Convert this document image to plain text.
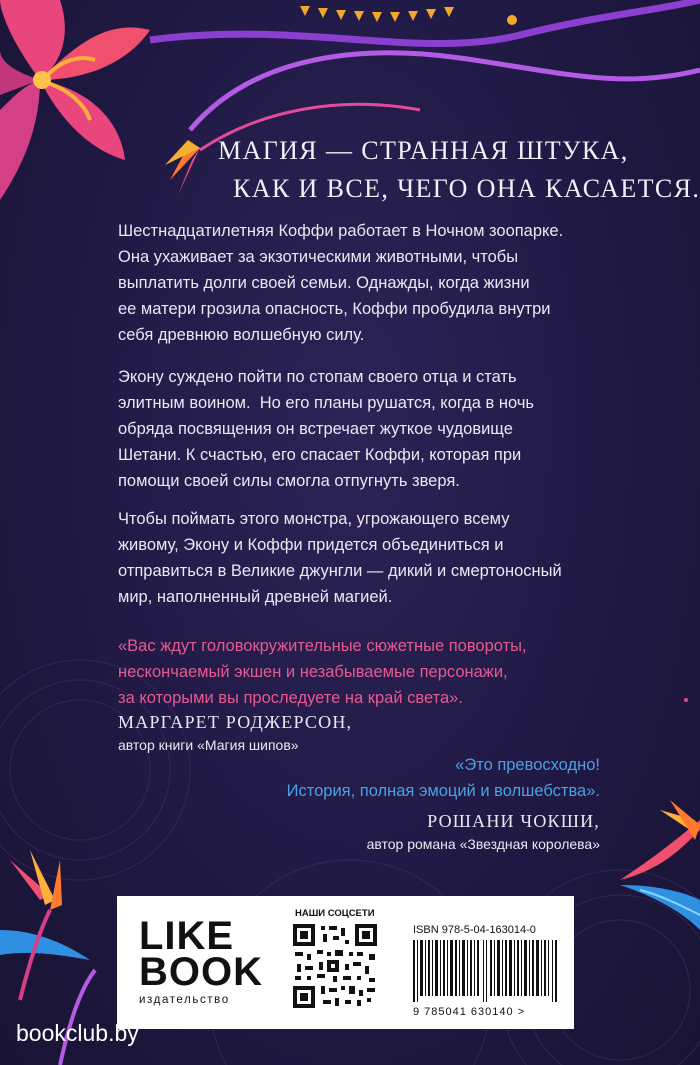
МАГИЯ — СТРАННАЯ ШТУКА,
КАК И ВСЕ, ЧЕГО ОНА КАСАЕТСЯ.
Шестнадцатилетняя Коффи работает в Ночном зоопарке.
Она ухаживает за экзотическими животными, чтобы
выплатить долги своей семьи. Однажды, когда жизни
ее матери грозила опасность, Коффи пробудила внутри
себя древнюю волшебную силу.
Экону суждено пойти по стопам своего отца и стать
элитным воином.  Но его планы рушатся, когда в ночь
обряда посвящения он встречает жуткое чудовище
Шетани. К счастью, его спасает Коффи, которая при
помощи своей силы смогла отпугнуть зверя.
Чтобы поймать этого монстра, угрожающего всему
живому, Экону и Коффи придется объединиться и
отправиться в Великие джунгли — дикий и смертоносный
мир, наполненный древней магией.
«Вас ждут головокружительные сюжетные повороты,
нескончаемый экшен и незабываемые персонажи,
за которыми вы проследуете на край света».
МАРГАРЕТ РОДЖЕРСОН,
автор книги «Магия шипов»
«Это превосходно!
История, полная эмоций и волшебства».
РОШАНИ ЧОКШИ,
автор романа «Звездная королева»
LIKE
BOOK
издательство
НАШИ СОЦСЕТИ
ISBN 978-5-04-163014-0
9 785041 630140 >
bookclub.by
